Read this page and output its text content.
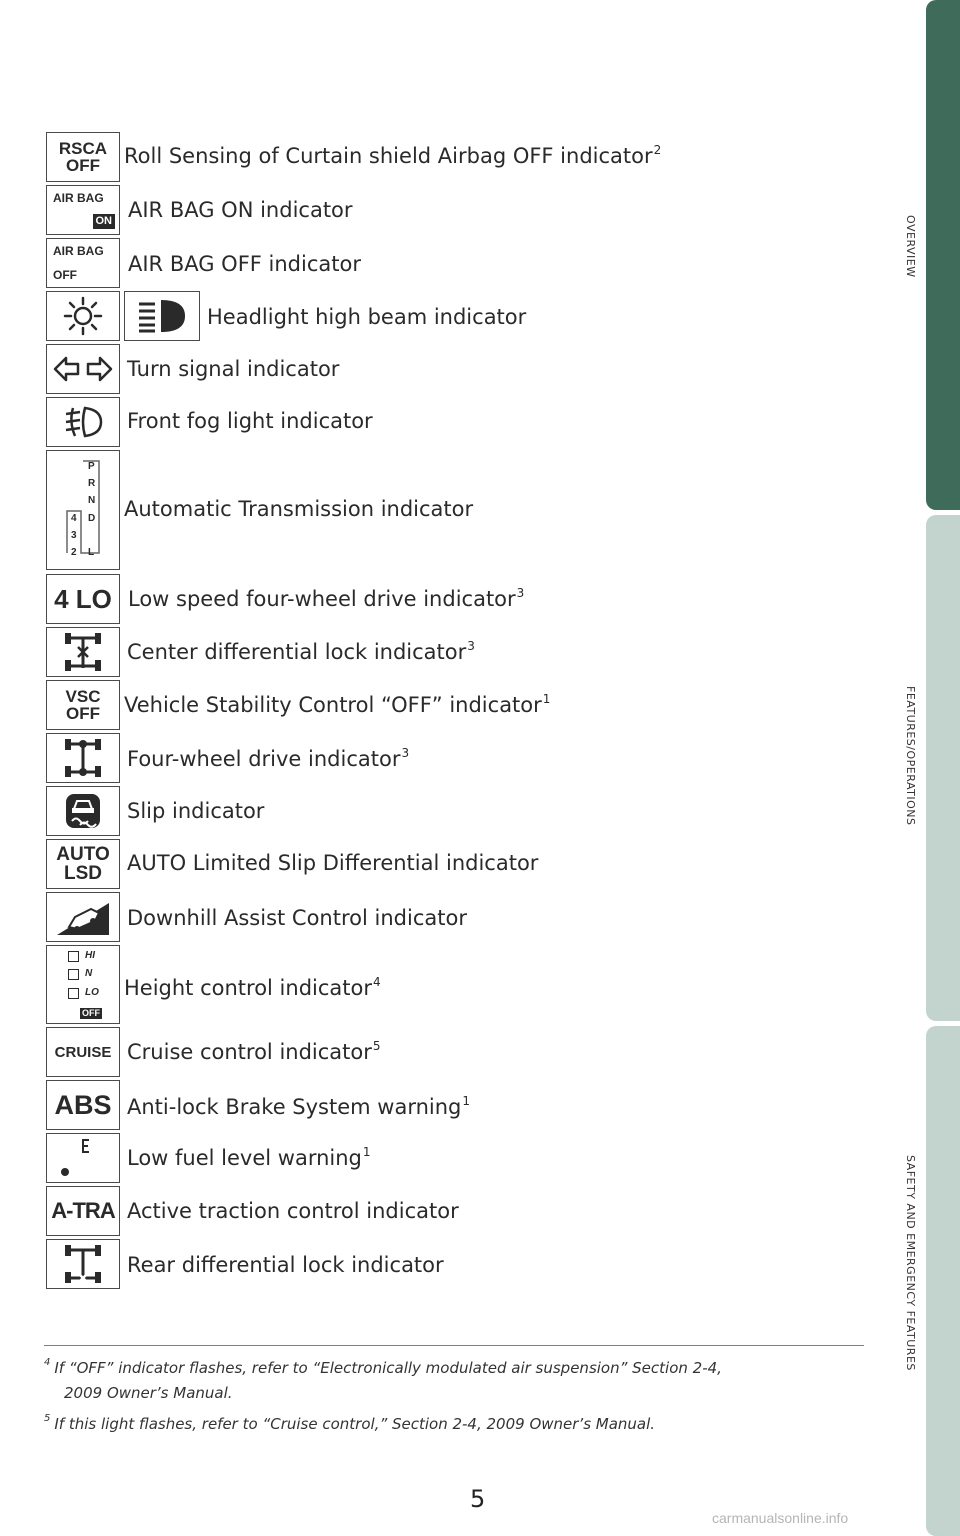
OVERVIEW
FEATURES/OPERATIONS
SAFETY AND EMERGENCY FEATURES
RSCA
OFF	Roll Sensing of Curtain shield Airbag OFF indicator$^2$
AIR BAG
ON AIR BAG ON indicator
AIR BAG
OFF AIR BAG OFF indicator
Headlight high beam indicator
Turn signal indicator
Front fog light indicator
P
R
N
4 D
3
2 L
Automatic Transmission indicator
4 LO Low speed four-wheel drive indicator$^3$
Center differential lock indicator$^3$
VSC
OFF Vehicle Stability Control “OFF” indicator$^1$
Four-wheel drive indicator$^3$
Slip indicator
AUTO
LSD	AUTO Limited Slip Differential indicator
Downhill Assist Control indicator
HI
N
LO
OFF
Height control indicator$^4$
CRUISE Cruise control indicator$^5$
ABS Anti-lock Brake System warning$^1$
Low fuel level warning$^1$
A-TRA Active traction control indicator
Rear differential lock indicator
$^4$ If “OFF” indicator flashes, refer to “Electronically modulated air suspension” Section 2-4,
2009 Owner’s Manual.
$^5$ If this light flashes, refer to “Cruise control,” Section 2-4, 2009 Owner’s Manual.
5
carmanualsonline.info
